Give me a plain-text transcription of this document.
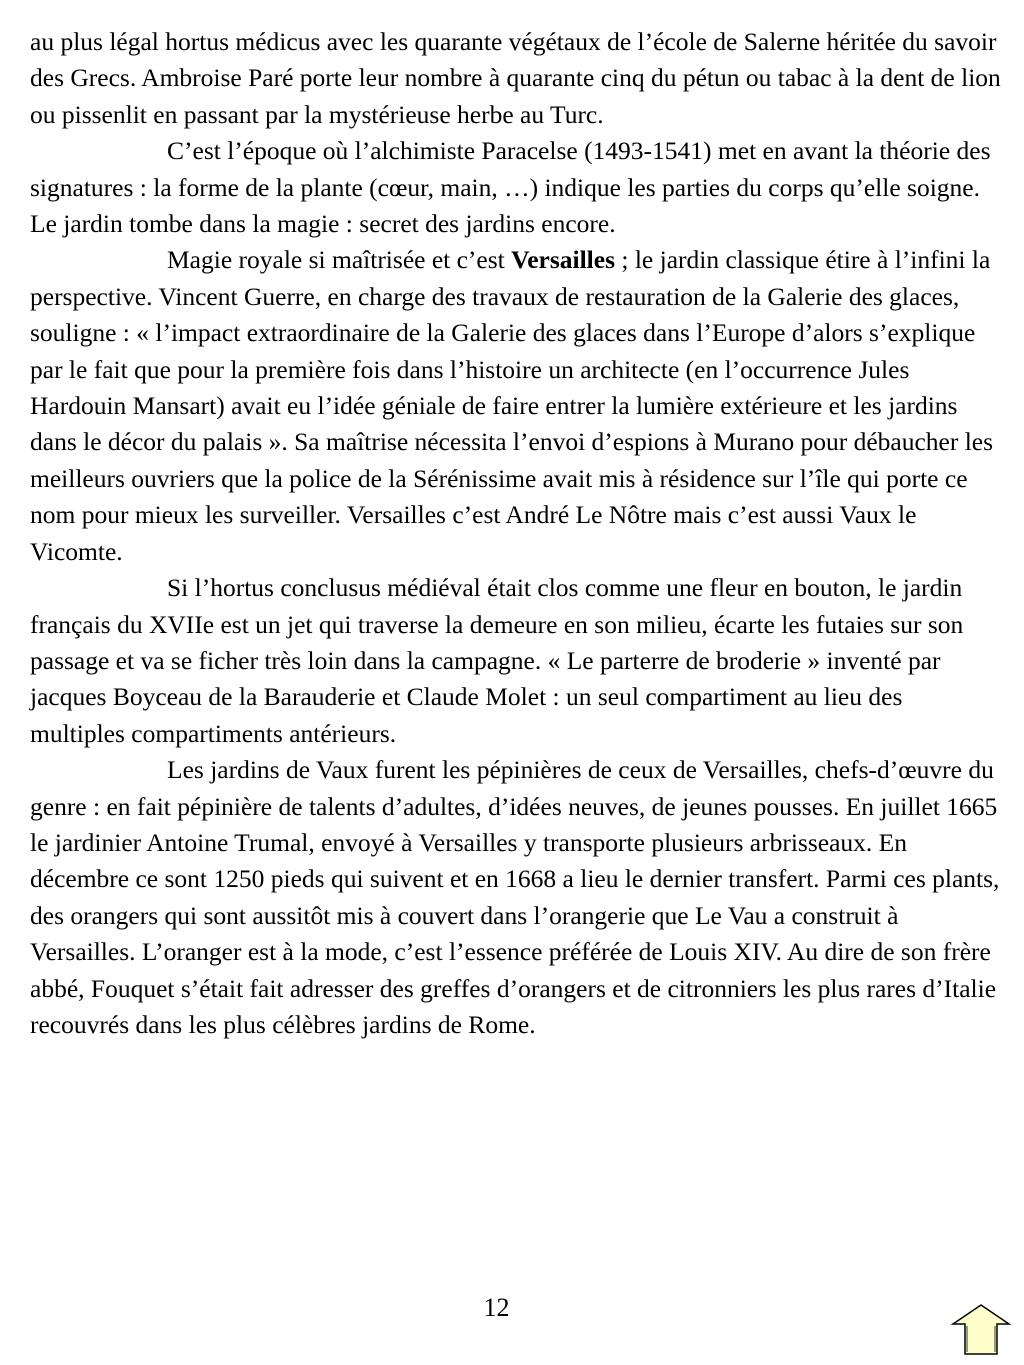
au plus légal hortus médicus avec les quarante végétaux de l’école de Salerne héritée du savoir des Grecs. Ambroise Paré porte leur nombre à quarante cinq du pétun ou tabac à la dent de lion ou pissenlit en passant par la mystérieuse herbe au Turc.

C’est l’époque où l’alchimiste Paracelse (1493-1541) met en avant la théorie des signatures : la forme de la plante (cœur, main, …) indique les parties du corps qu’elle soigne. Le jardin tombe dans la magie : secret des jardins encore.

Magie royale si maîtrisée et c’est Versailles ; le jardin classique étire à l’infini la perspective. Vincent Guerre, en charge des travaux de restauration de la Galerie des glaces, souligne : « l’impact extraordinaire de la Galerie des glaces dans l’Europe d’alors s’explique par le fait que pour la première fois dans l’histoire un architecte (en l’occurrence Jules Hardouin Mansart) avait eu l’idée géniale de faire entrer la lumière extérieure et les jardins dans le décor du palais ». Sa maîtrise nécessita l’envoi d’espions à Murano pour débaucher les meilleurs ouvriers que la police de la Sérénissime avait mis à résidence sur l’île qui porte ce nom pour mieux les surveiller. Versailles c’est André Le Nôtre mais c’est aussi Vaux le Vicomte.

Si l’hortus conclusus médiéval était clos comme une fleur en bouton, le jardin français du XVIIe est un jet qui traverse la demeure en son milieu, écarte les futaies sur son passage et va se ficher très loin dans la campagne. « Le parterre de broderie » inventé par jacques Boyceau de la Barauderie et Claude Molet : un seul compartiment au lieu des multiples compartiments antérieurs.

Les jardins de Vaux furent les pépinières de ceux de Versailles, chefs-d’œuvre du genre : en fait pépinière de talents d’adultes, d’idées neuves, de jeunes pousses. En juillet 1665 le jardinier Antoine Trumal, envoyé à Versailles y transporte plusieurs arbrisseaux. En décembre ce sont 1250 pieds qui suivent et en 1668 a lieu le dernier transfert. Parmi ces plants, des orangers qui sont aussitôt mis à couvert dans l’orangerie que Le Vau a construit à Versailles. L’oranger est à la mode, c’est l’essence préférée de Louis XIV. Au dire de son frère abbé, Fouquet s’était fait adresser des greffes d’orangers et de citronniers les plus rares d’Italie recouvrés dans les plus célèbres jardins de Rome.

12
